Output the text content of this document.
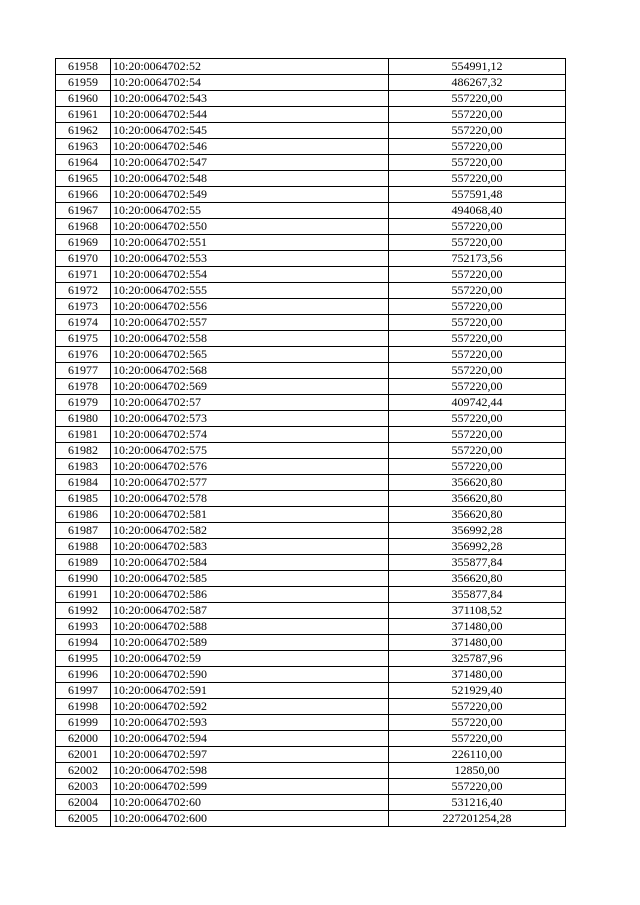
61958	10:20:0064702:52	554991,12
61959	10:20:0064702:54	486267,32
61960	10:20:0064702:543	557220,00
61961	10:20:0064702:544	557220,00
61962	10:20:0064702:545	557220,00
61963	10:20:0064702:546	557220,00
61964	10:20:0064702:547	557220,00
61965	10:20:0064702:548	557220,00
61966	10:20:0064702:549	557591,48
61967	10:20:0064702:55	494068,40
61968	10:20:0064702:550	557220,00
61969	10:20:0064702:551	557220,00
61970	10:20:0064702:553	752173,56
61971	10:20:0064702:554	557220,00
61972	10:20:0064702:555	557220,00
61973	10:20:0064702:556	557220,00
61974	10:20:0064702:557	557220,00
61975	10:20:0064702:558	557220,00
61976	10:20:0064702:565	557220,00
61977	10:20:0064702:568	557220,00
61978	10:20:0064702:569	557220,00
61979	10:20:0064702:57	409742,44
61980	10:20:0064702:573	557220,00
61981	10:20:0064702:574	557220,00
61982	10:20:0064702:575	557220,00
61983	10:20:0064702:576	557220,00
61984	10:20:0064702:577	356620,80
61985	10:20:0064702:578	356620,80
61986	10:20:0064702:581	356620,80
61987	10:20:0064702:582	356992,28
61988	10:20:0064702:583	356992,28
61989	10:20:0064702:584	355877,84
61990	10:20:0064702:585	356620,80
61991	10:20:0064702:586	355877,84
61992	10:20:0064702:587	371108,52
61993	10:20:0064702:588	371480,00
61994	10:20:0064702:589	371480,00
61995	10:20:0064702:59	325787,96
61996	10:20:0064702:590	371480,00
61997	10:20:0064702:591	521929,40
61998	10:20:0064702:592	557220,00
61999	10:20:0064702:593	557220,00
62000	10:20:0064702:594	557220,00
62001	10:20:0064702:597	226110,00
62002	10:20:0064702:598	12850,00
62003	10:20:0064702:599	557220,00
62004	10:20:0064702:60	531216,40
62005	10:20:0064702:600	227201254,28
